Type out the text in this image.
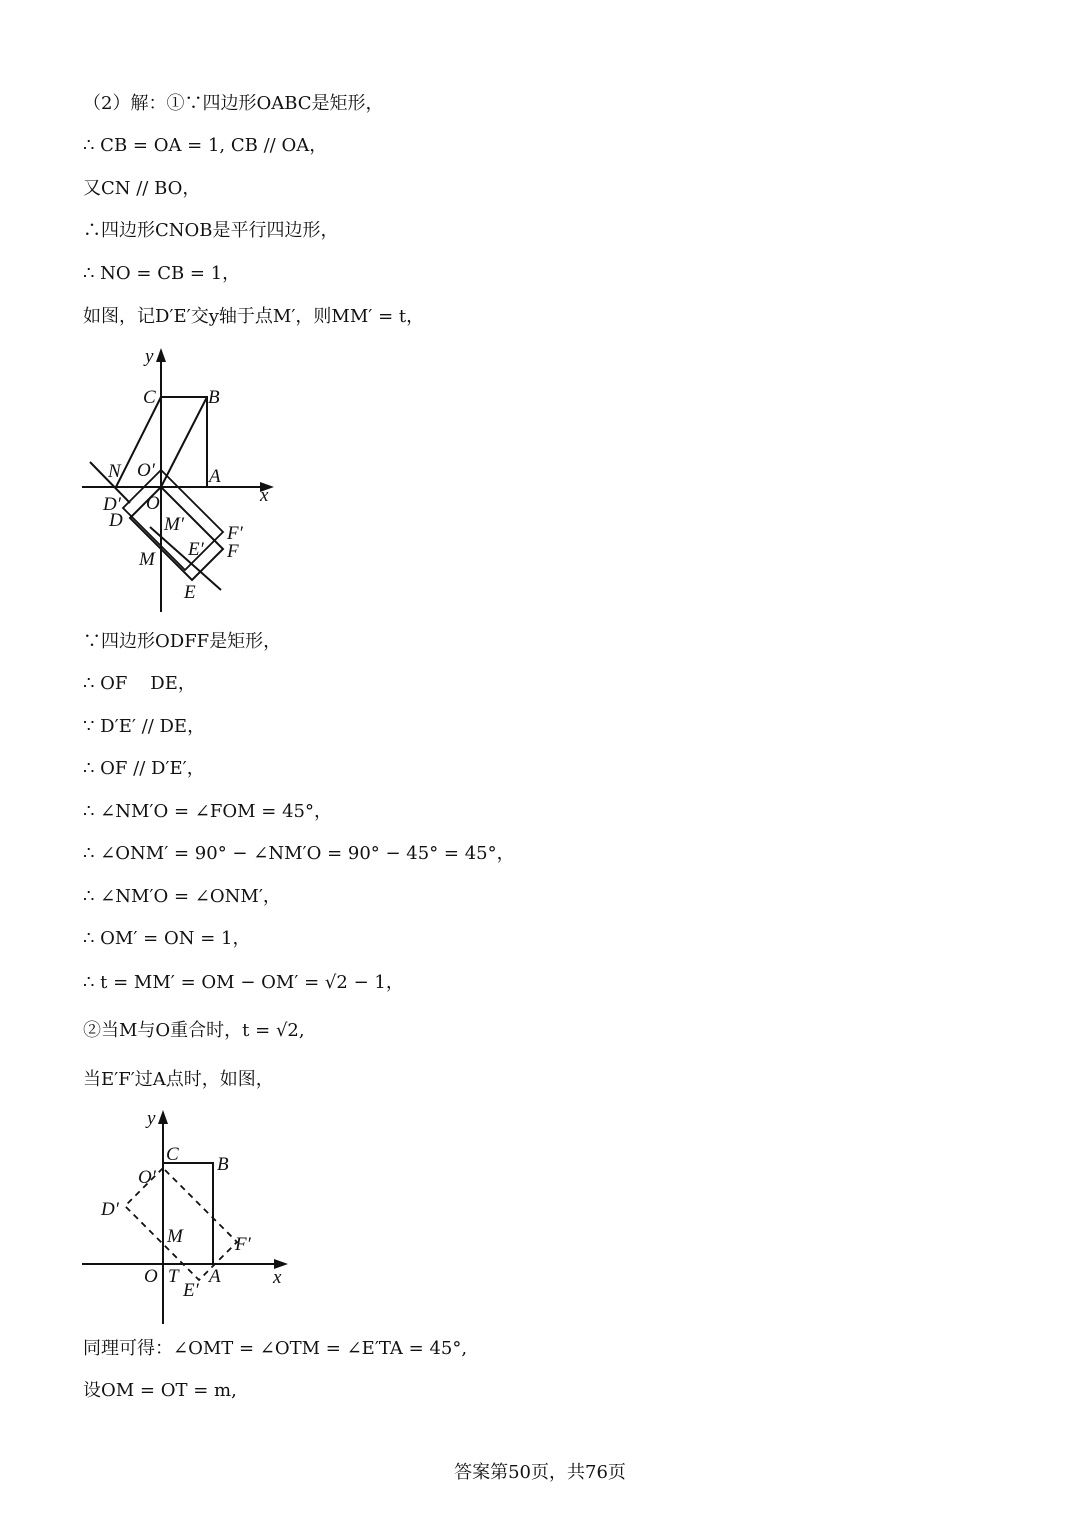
（2）解：①∵四边形OABC是矩形，
∴ CB = OA = 1, CB // OA，
又CN // BO，
∴四边形CNOB是平行四边形，
∴ NO = CB = 1，
如图，记D′E′交y轴于点M′，则MM′ = t，
y
x
C	B
N O′	A
D′ O
D M′ F′
E′ F
M
E
∵四边形ODFF是矩形，
∴ OF    DE，
∵ D′E′ // DE，
∴ OF // D′E′，
∴ ∠NM′O = ∠FOM = 45°，
∴ ∠ONM′ = 90° − ∠NM′O = 90° − 45° = 45°，
∴ ∠NM′O = ∠ONM′，
∴ OM′ = ON = 1，
∴ t = MM′ = OM − OM′ = √2 − 1，
②当M与O重合时，t = √2,
当E′F′过A点时，如图，
y
x
C B
O′
D′
M	F′
O T A
E′
同理可得：∠OMT = ∠OTM = ∠E′TA = 45°,
设OM = OT = m,
答案第50页，共76页
